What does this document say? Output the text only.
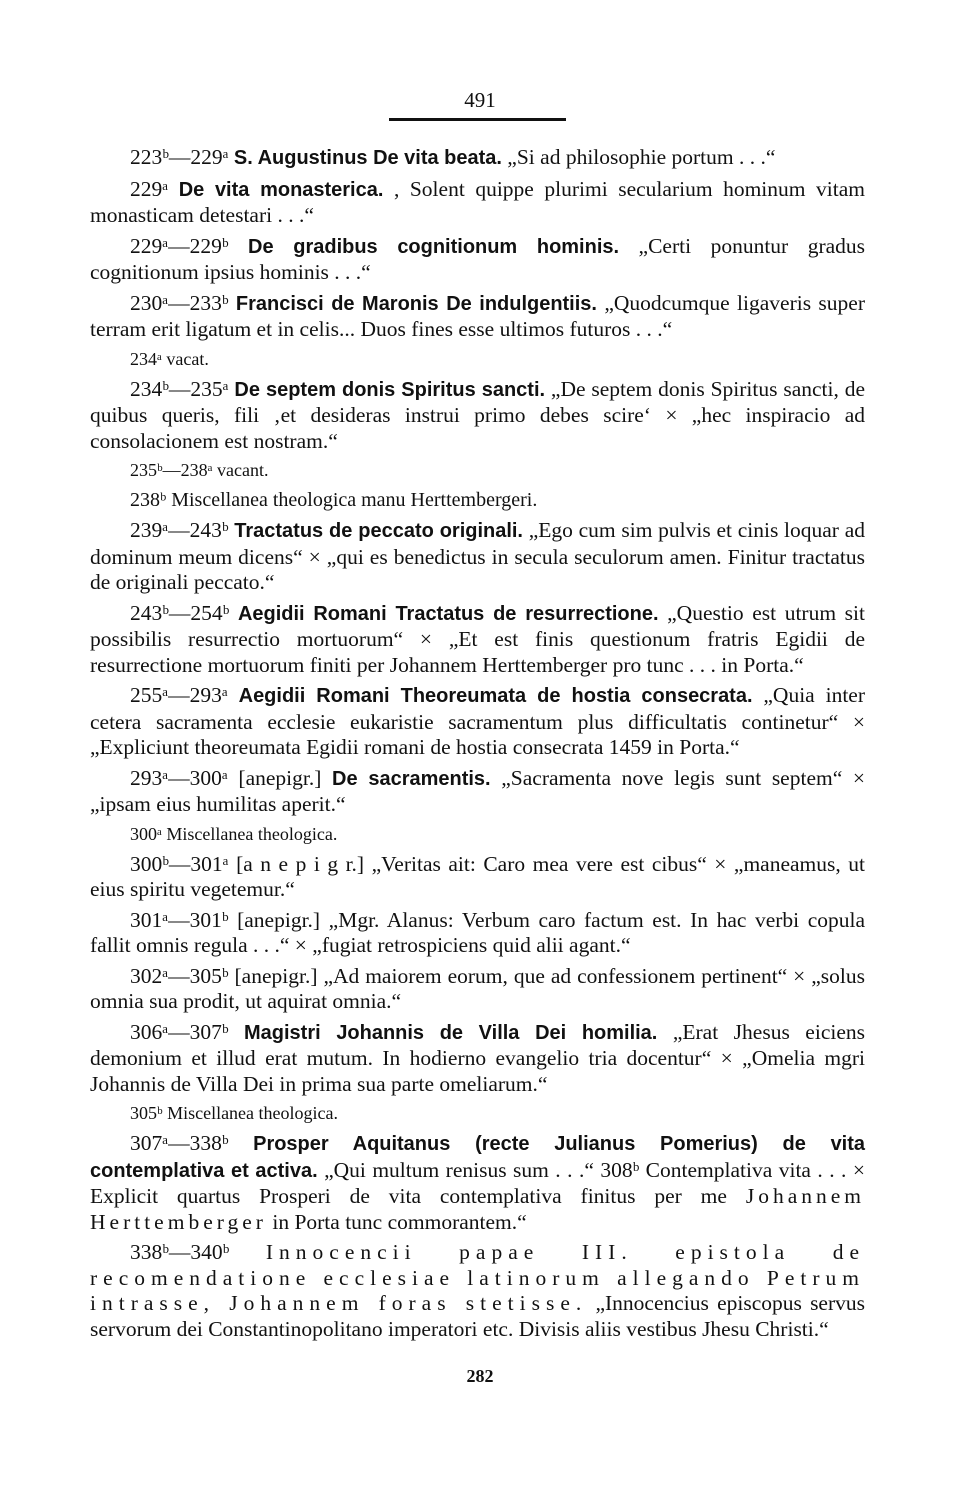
491

223ᵇ—229ᵃ S. Augustinus De vita beata. „Si ad philosophie portum . . .“

229ᵃ De vita monasterica. , Solent quippe plurimi secularium hominum vitam monasticam detestari . . .“

229ᵃ—229ᵇ De gradibus cognitionum hominis. „Certi ponuntur gradus cognitionum ipsius hominis . . .“

230ᵃ—233ᵇ Francisci de Maronis De indulgentiis. „Quodcumque ligaveris super terram erit ligatum et in celis... Duos fines esse ultimos futuros . . .“

234ᵃ vacat.

234ᵇ—235ᵃ De septem donis Spiritus sancti. „De septem donis Spiritus sancti, de quibus queris, fili ‚et desideras instrui primo debes scire‘ × „hec inspiracio ad consolacionem est nostram.“

235ᵇ—238ᵃ vacant.

238ᵇ Miscellanea theologica manu Herttembergeri.

239ᵃ—243ᵇ Tractatus de peccato originali. „Ego cum sim pulvis et cinis loquar ad dominum meum dicens“ × „qui es benedictus in secula seculorum amen. Finitur tractatus de originali peccato.“

243ᵇ—254ᵇ Aegidii Romani Tractatus de resurrectione. „Questio est utrum sit possibilis resurrectio mortuorum“ × „Et est finis questionum fratris Egidii de resurrectione mortuorum finiti per Johannem Herttemberger pro tunc . . . in Porta.“

255ᵃ—293ᵃ Aegidii Romani Theoreumata de hostia consecrata. „Quia inter cetera sacramenta ecclesie eukaristie sacramentum plus difficultatis continetur“ × „Expliciunt theoreumata Egidii romani de hostia consecrata 1459 in Porta.“

293ᵃ—300ᵃ [anepigr.] De sacramentis. „Sacramenta nove legis sunt septem“ × „ipsam eius humilitas aperit.“

300ᵃ Miscellanea theologica.

300ᵇ—301ᵃ [a n e p i g r.] „Veritas ait: Caro mea vere est cibus“ × „maneamus, ut eius spiritu vegetemur.“

301ᵃ—301ᵇ [anepigr.] „Mgr. Alanus: Verbum caro factum est. In hac verbi copula fallit omnis regula . . .“ × „fugiat retrospiciens quid alii agant.“

302ᵃ—305ᵇ [anepigr.] „Ad maiorem eorum, que ad confessionem pertinent“ × „solus omnia sua prodit, ut aquirat omnia.“

306ᵃ—307ᵇ Magistri Johannis de Villa Dei homilia. „Erat Jhesus eiciens demonium et illud erat mutum. In hodierno evangelio tria docentur“ × „Omelia mgri Johannis de Villa Dei in prima sua parte omeliarum.“

305ᵇ Miscellanea theologica.

307ᵃ—338ᵇ Prosper Aquitanus (recte Julianus Pomerius) de vita contemplativa et activa. „Qui multum renisus sum . . .“ 308ᵇ Contemplativa vita . . . × Explicit quartus Prosperi de vita contemplativa finitus per me Johannem Herttemberger in Porta tunc commorantem.“

338ᵇ—340ᵇ Innocencii papae III. epistola de recomendatione ecclesiae latinorum allegando Petrum intrasse, Johannem foras stetisse. „Innocencius episcopus servus servorum dei Constantinopolitano imperatori etc. Divisis aliis vestibus Jhesu Christi.“

282
